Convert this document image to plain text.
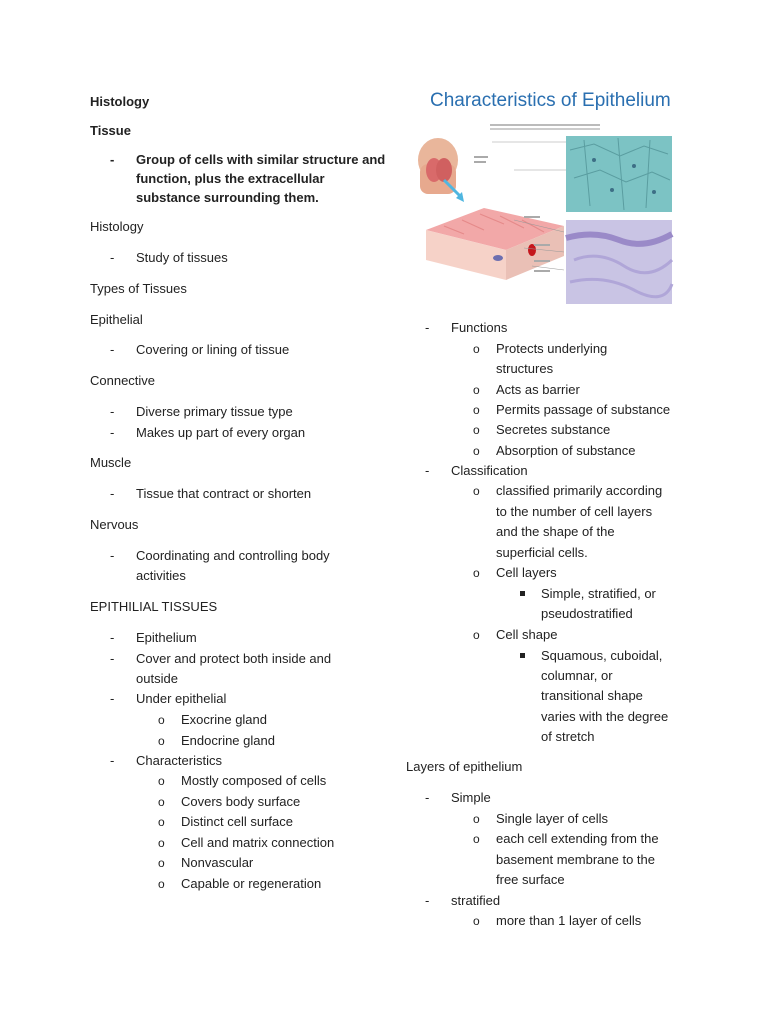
Histology
Tissue
- Group of cells with similar structure and
function, plus the extracellular
substance surrounding them.
Histology
- Study of tissues
Types of Tissues
Epithelial
- Covering or lining of tissue
Connective
- Diverse primary tissue type
- Makes up part of every organ
Muscle
- Tissue that contract or shorten
Nervous
- Coordinating and controlling body
activities
EPITHILIAL TISSUES
- Epithelium
- Cover and protect both inside and
outside
- Under epithelial
o Exocrine gland
o Endocrine gland
- Characteristics
o Mostly composed of cells
o Covers body surface
o Distinct cell surface
o Cell and matrix connection
o Nonvascular
o Capable or regeneration
Characteristics of Epithelium
- Functions
o Protects underlying
structures
o Acts as barrier
o Permits passage of substance
o Secretes substance
o Absorption of substance
- Classification
o classified primarily according
to the number of cell layers
and the shape of the
superficial cells.
o Cell layers
Simple, stratified, or
pseudostratified
o Cell shape
Squamous, cuboidal,
columnar, or
transitional shape
varies with the degree
of stretch
Layers of epithelium
- Simple
o Single layer of cells
o each cell extending from the
basement membrane to the
free surface
- stratified
o more than 1 layer of cells
